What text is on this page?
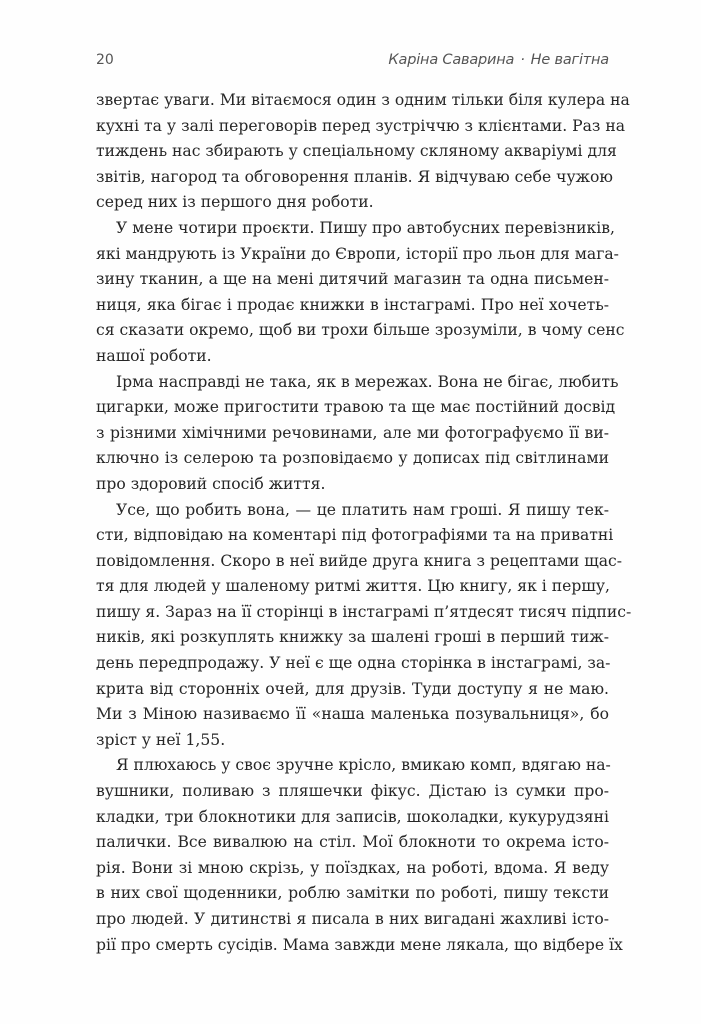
20	Каріна Саварина · Не вагітна
звертає уваги. Ми вітаємося один з одним тільки біля кулера на
кухні та у залі переговорів перед зустріччю з клієнтами. Раз на
тиждень нас збирають у спеціальному скляному акваріумі для
звітів, нагород та обговорення планів. Я відчуваю себе чужою
серед них із першого дня роботи.
У мене чотири проєкти. Пишу про автобусних перевізників,
які мандрують із України до Європи, історії про льон для мага-
зину тканин, а ще на мені дитячий магазин та одна письмен-
ниця, яка бігає і продає книжки в інстаграмі. Про неї хочеть-
ся сказати окремо, щоб ви трохи більше зрозуміли, в чому сенс
нашої роботи.
Ірма насправді не така, як в мережах. Вона не бігає, любить
цигарки, може пригостити травою та ще має постійний досвід
з різними хімічними речовинами, але ми фотографуємо її ви-
ключно із селерою та розповідаємо у дописах під світлинами
про здоровий спосіб життя.
Усе, що робить вона, — це платить нам гроші. Я пишу тек-
сти, відповідаю на коментарі під фотографіями та на приватні
повідомлення. Скоро в неї вийде друга книга з рецептами щас-
тя для людей у шаленому ритмі життя. Цю книгу, як і першу,
пишу я. Зараз на її сторінці в інстаграмі п’ятдесят тисяч підпис-
ників, які розкуплять книжку за шалені гроші в перший тиж-
день передпродажу. У неї є ще одна сторінка в інстаграмі, за-
крита від сторонніх очей, для друзів. Туди доступу я не маю.
Ми з Міною називаємо її «наша маленька позувальниця», бо
зріст у неї 1,55.
Я плюхаюсь у своє зручне крісло, вмикаю комп, вдягаю на-
вушники, поливаю з пляшечки фікус. Дістаю із сумки про-
кладки, три блокнотики для записів, шоколадки, кукурудзяні
палички. Все вивалюю на стіл. Мої блокноти то окрема істо-
рія. Вони зі мною скрізь, у поїздках, на роботі, вдома. Я веду
в них свої щоденники, роблю замітки по роботі, пишу тексти
про людей. У дитинстві я писала в них вигадані жахливі істо-
рії про смерть сусідів. Мама завжди мене лякала, що відбере їх
